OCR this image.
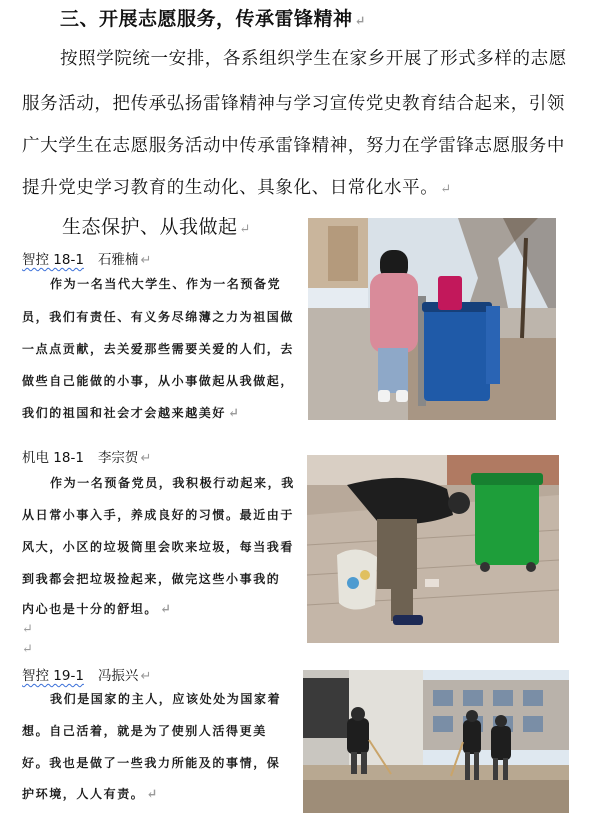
三、开展志愿服务，传承雷锋精神 ↵
按照学院统一安排，各系组织学生在家乡开展了形式多样的志愿
服务活动，把传承弘扬雷锋精神与学习宣传党史教育结合起来，引领
广大学生在志愿服务活动中传承雷锋精神，努力在学雷锋志愿服务中
提升党史学习教育的生动化、具象化、日常化水平。 ↵
生态保护、从我做起 ↵
智控 18-1 石雅楠 ↵
作为一名当代大学生、作为一名预备党
员，我们有责任、有义务尽绵薄之力为祖国做
一点点贡献，去关爱那些需要关爱的人们，去
做些自己能做的小事，从小事做起从我做起，
我们的祖国和社会才会越来越美好 ↵
机电 18-1 李宗贺 ↵
作为一名预备党员，我积极行动起来，我
从日常小事入手，养成良好的习惯。最近由于
风大，小区的垃圾筒里会吹来垃圾，每当我看
到我都会把垃圾捡起来，做完这些小事我的
内心也是十分的舒坦。 ↵
↵
↵
智控 19-1 冯振兴 ↵
我们是国家的主人，应该处处为国家着
想。自己活着，就是为了使别人活得更美
好。我也是做了一些我力所能及的事情，保
护环境，人人有责。 ↵
